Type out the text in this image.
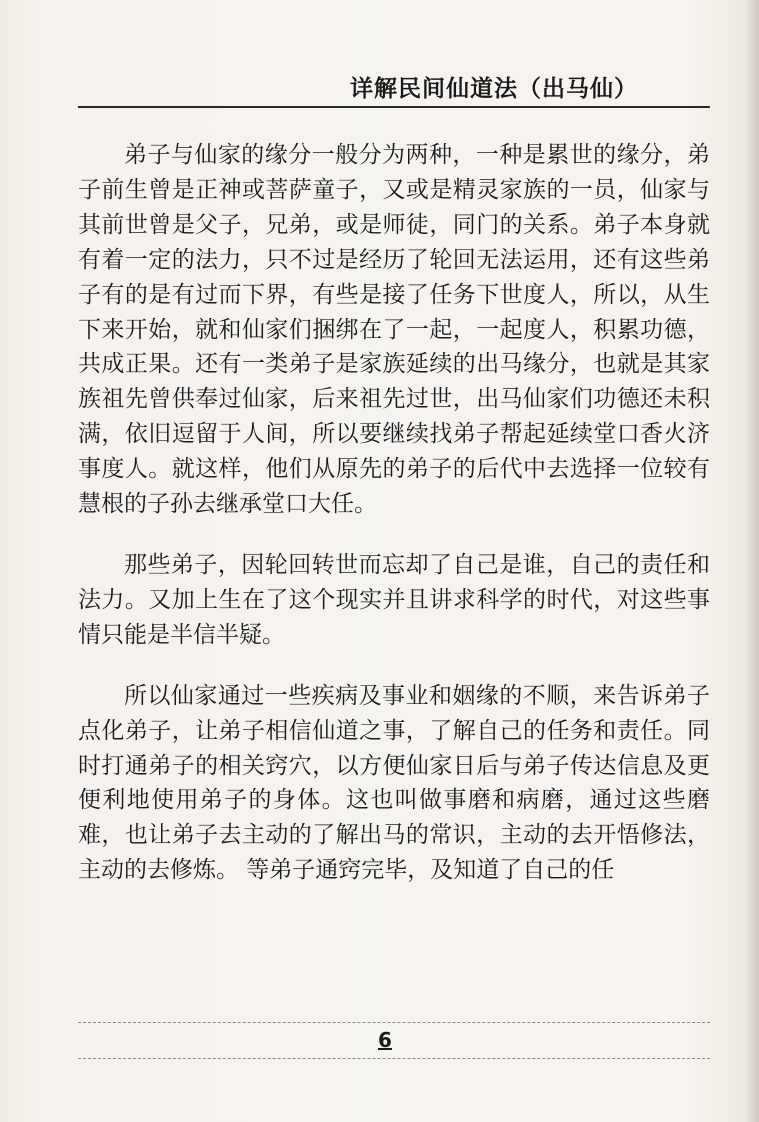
详解民间仙道法（出马仙）

弟子与仙家的缘分一般分为两种，一种是累世的缘分，弟子前生曾是正神或菩萨童子，又或是精灵家族的一员，仙家与其前世曾是父子，兄弟，或是师徒，同门的关系。弟子本身就有着一定的法力，只不过是经历了轮回无法运用，还有这些弟子有的是有过而下界，有些是接了任务下世度人，所以，从生下来开始，就和仙家们捆绑在了一起，一起度人，积累功德，共成正果。还有一类弟子是家族延续的出马缘分，也就是其家族祖先曾供奉过仙家，后来祖先过世，出马仙家们功德还未积满，依旧逗留于人间，所以要继续找弟子帮起延续堂口香火济事度人。就这样，他们从原先的弟子的后代中去选择一位较有慧根的子孙去继承堂口大任。

那些弟子，因轮回转世而忘却了自己是谁，自己的责任和法力。又加上生在了这个现实并且讲求科学的时代，对这些事情只能是半信半疑。

所以仙家通过一些疾病及事业和姻缘的不顺，来告诉弟子点化弟子，让弟子相信仙道之事，了解自己的任务和责任。同时打通弟子的相关窍穴，以方便仙家日后与弟子传达信息及更便利地使用弟子的身体。这也叫做事磨和病磨，通过这些磨难，也让弟子去主动的了解出马的常识，主动的去开悟修法，主动的去修炼。 等弟子通窍完毕，及知道了自己的任

6
